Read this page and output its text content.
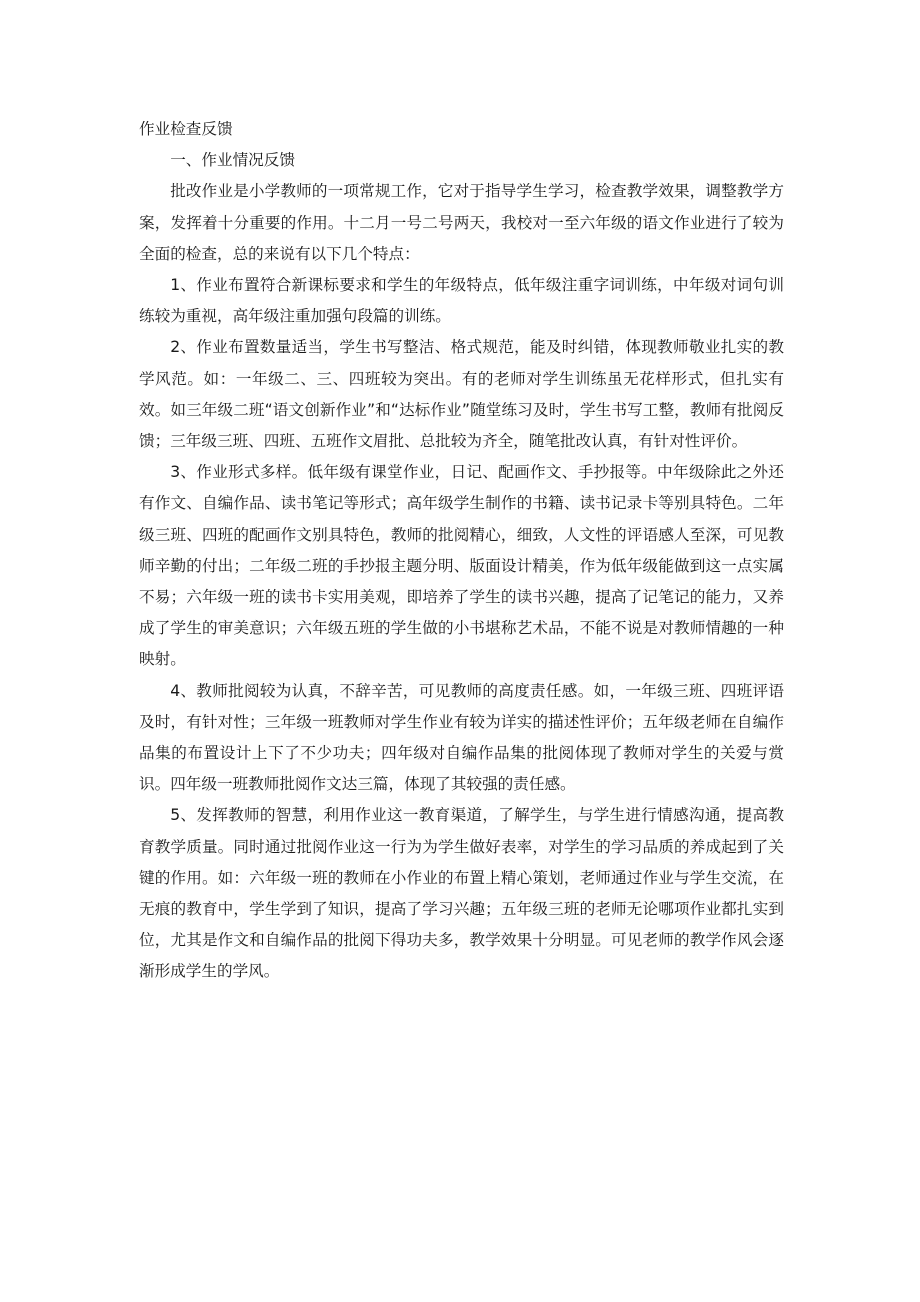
作业检查反馈

一、作业情况反馈

批改作业是小学教师的一项常规工作，它对于指导学生学习，检查教学效果，调整教学方案，发挥着十分重要的作用。十二月一号二号两天，我校对一至六年级的语文作业进行了较为全面的检查，总的来说有以下几个特点：

1、作业布置符合新课标要求和学生的年级特点，低年级注重字词训练，中年级对词句训练较为重视，高年级注重加强句段篇的训练。

2、作业布置数量适当，学生书写整洁、格式规范，能及时纠错，体现教师敬业扎实的教学风范。如：一年级二、三、四班较为突出。有的老师对学生训练虽无花样形式，但扎实有效。如三年级二班“语文创新作业”和“达标作业”随堂练习及时，学生书写工整，教师有批阅反馈；三年级三班、四班、五班作文眉批、总批较为齐全，随笔批改认真，有针对性评价。

3、作业形式多样。低年级有课堂作业，日记、配画作文、手抄报等。中年级除此之外还有作文、自编作品、读书笔记等形式；高年级学生制作的书籍、读书记录卡等别具特色。二年级三班、四班的配画作文别具特色，教师的批阅精心，细致，人文性的评语感人至深，可见教师辛勤的付出；二年级二班的手抄报主题分明、版面设计精美，作为低年级能做到这一点实属不易；六年级一班的读书卡实用美观，即培养了学生的读书兴趣，提高了记笔记的能力，又养成了学生的审美意识；六年级五班的学生做的小书堪称艺术品，不能不说是对教师情趣的一种映射。

4、教师批阅较为认真，不辞辛苦，可见教师的高度责任感。如，一年级三班、四班评语及时，有针对性；三年级一班教师对学生作业有较为详实的描述性评价；五年级老师在自编作品集的布置设计上下了不少功夫；四年级对自编作品集的批阅体现了教师对学生的关爱与赏识。四年级一班教师批阅作文达三篇，体现了其较强的责任感。

5、发挥教师的智慧，利用作业这一教育渠道，了解学生，与学生进行情感沟通，提高教育教学质量。同时通过批阅作业这一行为为学生做好表率，对学生的学习品质的养成起到了关键的作用。如：六年级一班的教师在小作业的布置上精心策划，老师通过作业与学生交流，在无痕的教育中，学生学到了知识，提高了学习兴趣；五年级三班的老师无论哪项作业都扎实到位，尤其是作文和自编作品的批阅下得功夫多，教学效果十分明显。可见老师的教学作风会逐渐形成学生的学风。
